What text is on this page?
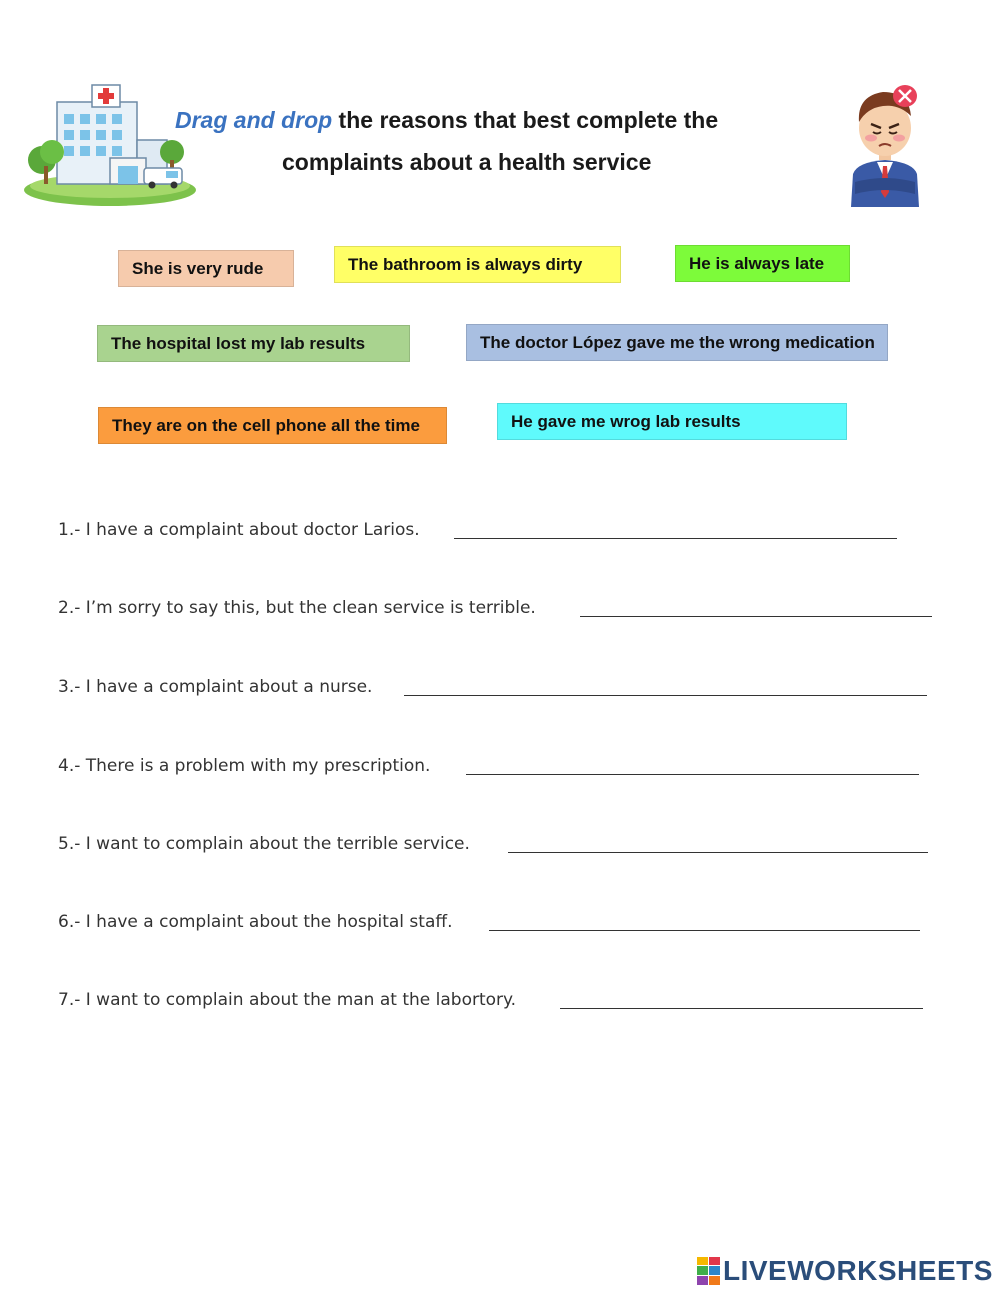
Drag and drop the reasons that best complete the
complaints about a health service
She is very rude	The bathroom is always dirty	He is always late
The hospital lost my lab results	The doctor López gave me the wrong medication
They are on the cell phone all the time	He gave me wrog lab results
1.- I have a complaint about doctor Larios.
2.- I’m sorry to say this, but the clean service is terrible.
3.- I have a complaint about a nurse.
4.- There is a problem with my prescription.
5.- I want to complain about the terrible service.
6.- I have a complaint about the hospital staff.
7.- I want to complain about the man at the labortory.
LIVEWORKSHEETS
